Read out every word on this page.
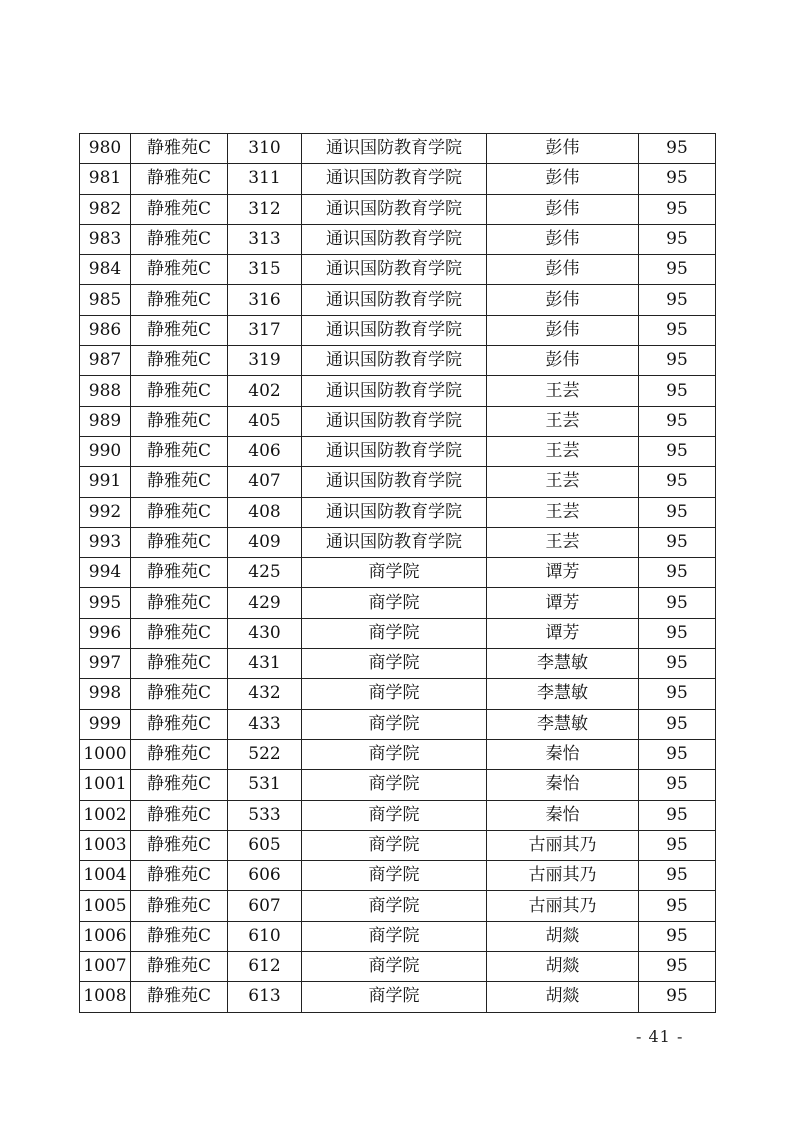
980	静雅苑C	310	通识国防教育学院	彭伟	95
981	静雅苑C	311	通识国防教育学院	彭伟	95
982	静雅苑C	312	通识国防教育学院	彭伟	95
983	静雅苑C	313	通识国防教育学院	彭伟	95
984	静雅苑C	315	通识国防教育学院	彭伟	95
985	静雅苑C	316	通识国防教育学院	彭伟	95
986	静雅苑C	317	通识国防教育学院	彭伟	95
987	静雅苑C	319	通识国防教育学院	彭伟	95
988	静雅苑C	402	通识国防教育学院	王芸	95
989	静雅苑C	405	通识国防教育学院	王芸	95
990	静雅苑C	406	通识国防教育学院	王芸	95
991	静雅苑C	407	通识国防教育学院	王芸	95
992	静雅苑C	408	通识国防教育学院	王芸	95
993	静雅苑C	409	通识国防教育学院	王芸	95
994	静雅苑C	425	商学院	谭芳	95
995	静雅苑C	429	商学院	谭芳	95
996	静雅苑C	430	商学院	谭芳	95
997	静雅苑C	431	商学院	李慧敏	95
998	静雅苑C	432	商学院	李慧敏	95
999	静雅苑C	433	商学院	李慧敏	95
1000	静雅苑C	522	商学院	秦怡	95
1001	静雅苑C	531	商学院	秦怡	95
1002	静雅苑C	533	商学院	秦怡	95
1003	静雅苑C	605	商学院	古丽其乃	95
1004	静雅苑C	606	商学院	古丽其乃	95
1005	静雅苑C	607	商学院	古丽其乃	95
1006	静雅苑C	610	商学院	胡燚	95
1007	静雅苑C	612	商学院	胡燚	95
1008	静雅苑C	613	商学院	胡燚	95
- 41 -
